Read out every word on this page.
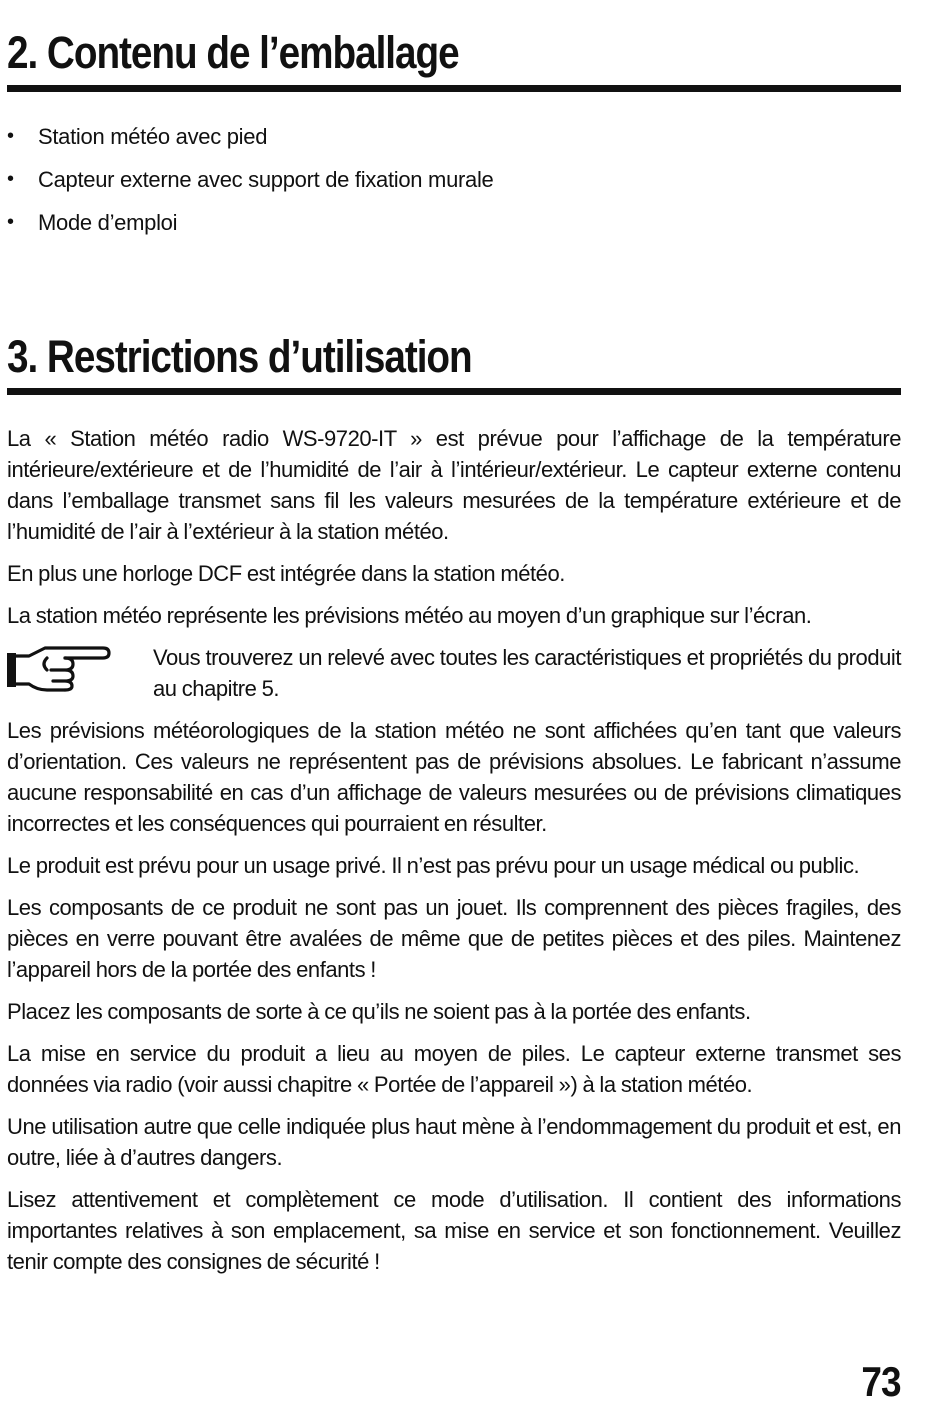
2. Contenu de l’emballage
• Station météo avec pied
• Capteur externe avec support de fixation murale
• Mode d’emploi
3. Restrictions d’utilisation

La « Station météo radio WS-9720-IT » est prévue pour l’affichage de la température intérieure/extérieure et de l’humidité de l’air à l’intérieur/extérieur. Le capteur externe contenu dans l’emballage transmet sans fil les valeurs mesurées de la température extérieure et de l’humidité de l’air à l’extérieur à la station météo.

En plus une horloge DCF est intégrée dans la station météo.

La station météo représente les prévisions météo au moyen d’un graphique sur l’écran.

Vous trouverez un relevé avec toutes les caractéristiques et propriétés du produit au chapitre 5.

Les prévisions météorologiques de la station météo ne sont affichées qu’en tant que valeurs d’orientation. Ces valeurs ne représentent pas de prévisions absolues. Le fabricant n’assume aucune responsabilité en cas d’un affichage de valeurs mesurées ou de prévisions climatiques incorrectes et les conséquences qui pourraient en résulter.

Le produit est prévu pour un usage privé. Il n’est pas prévu pour un usage médical ou public.

Les composants de ce produit ne sont pas un jouet. Ils comprennent des pièces fragiles, des pièces en verre pouvant être avalées de même que de petites pièces et des piles. Maintenez l’appareil hors de la portée des enfants !

Placez les composants de sorte à ce qu’ils ne soient pas à la portée des enfants.

La mise en service du produit a lieu au moyen de piles. Le capteur externe transmet ses données via radio (voir aussi chapitre « Portée de l’appareil ») à la station météo.

Une utilisation autre que celle indiquée plus haut mène à l’endommagement du produit et est, en outre, liée à d’autres dangers.

Lisez attentivement et complètement ce mode d’utilisation. Il contient des informations importantes relatives à son emplacement, sa mise en service et son fonctionnement. Veuillez tenir compte des consignes de sécurité !

73
